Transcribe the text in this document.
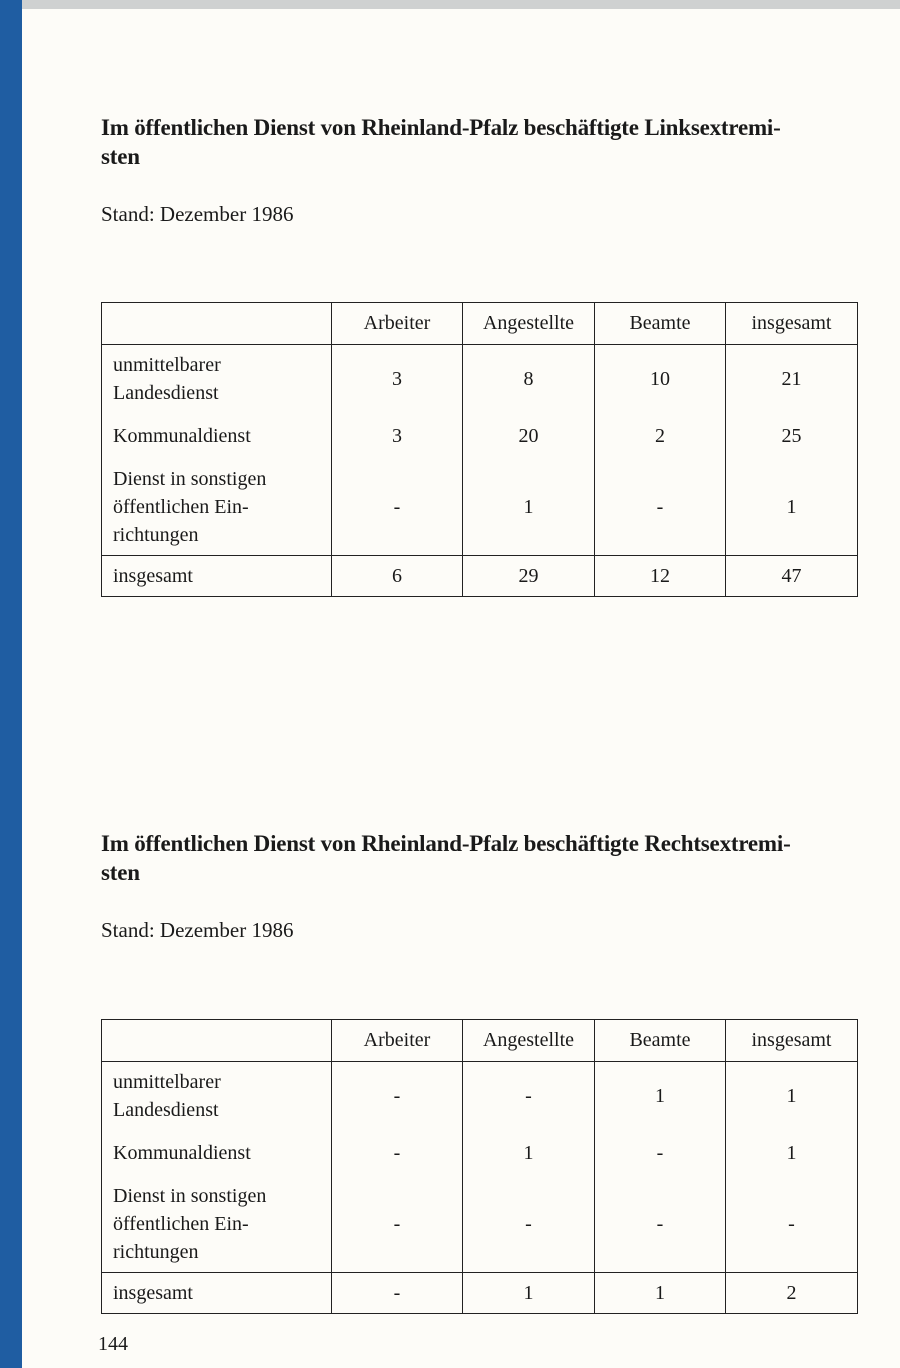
Im öffentlichen Dienst von Rheinland-Pfalz beschäftigte Linksextremi-
sten

Stand: Dezember 1986

	Arbeiter	Angestellte	Beamte	insgesamt
unmittelbarer
Landesdienst	3	8	10	21
Kommunaldienst	3	20	2	25
Dienst in sonstigen
öffentlichen Ein-
richtungen	-	1	-	1
insgesamt	6	29	12	47

Im öffentlichen Dienst von Rheinland-Pfalz beschäftigte Rechtsextremi-
sten

Stand: Dezember 1986

	Arbeiter	Angestellte	Beamte	insgesamt
unmittelbarer
Landesdienst	-	-	1	1
Kommunaldienst	-	1	-	1
Dienst in sonstigen
öffentlichen Ein-
richtungen	-	-	-	-
insgesamt	-	1	1	2
144
